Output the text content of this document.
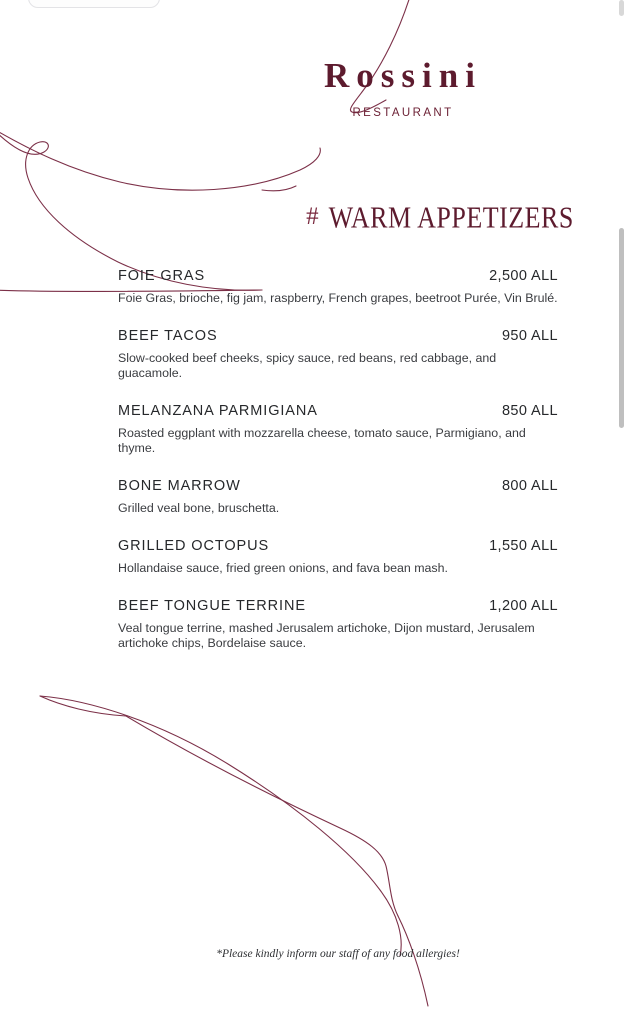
Rossini
RESTAURANT
# WARM APPETIZERS
FOIE GRAS	2,500 ALL
Foie Gras, brioche, fig jam, raspberry, French grapes, beetroot Purée, Vin Brulé.
BEEF TACOS	950 ALL
Slow-cooked beef cheeks, spicy sauce, red beans, red cabbage, and guacamole.
MELANZANA PARMIGIANA	850 ALL
Roasted eggplant with mozzarella cheese, tomato sauce, Parmigiano, and thyme.
BONE MARROW	800 ALL
Grilled veal bone, bruschetta.
GRILLED OCTOPUS	1,550 ALL
Hollandaise sauce, fried green onions, and fava bean mash.
BEEF TONGUE TERRINE	1,200 ALL
Veal tongue terrine, mashed Jerusalem artichoke, Dijon mustard, Jerusalem artichoke chips, Bordelaise sauce.
*Please kindly inform our staff of any food allergies!
